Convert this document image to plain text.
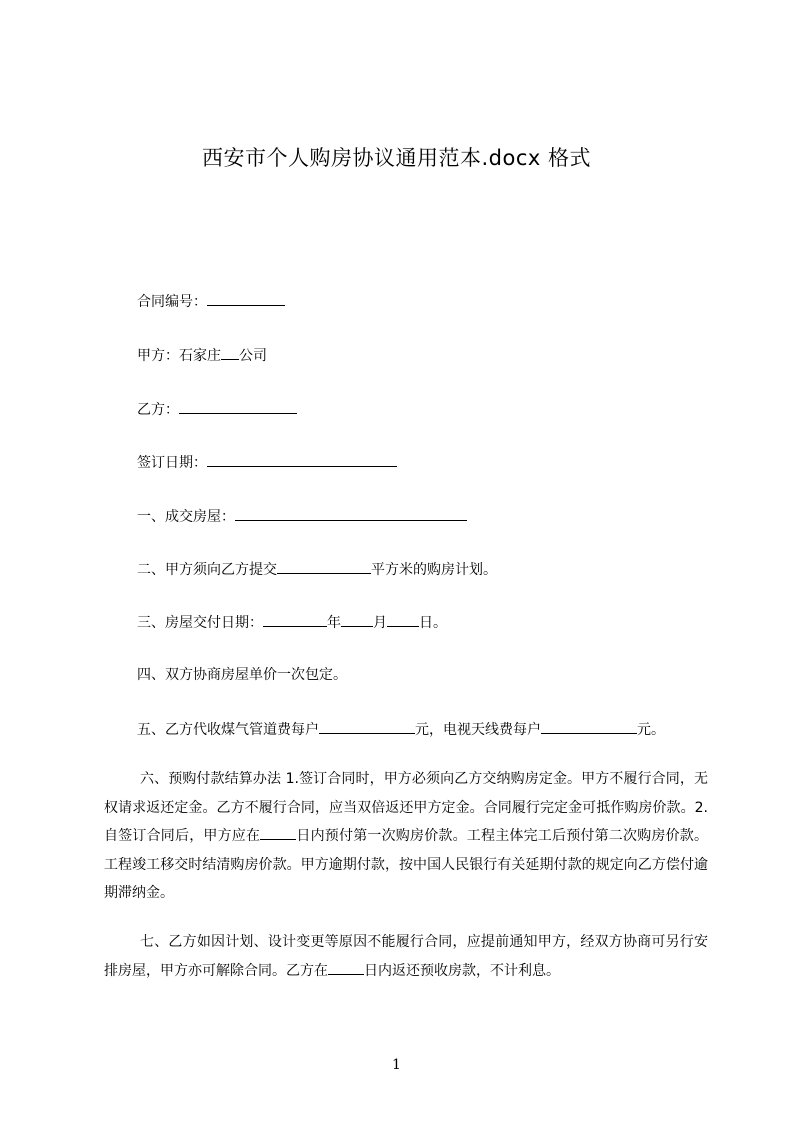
西安市个人购房协议通用范本.docx 格式
合同编号：
甲方：石家庄 公司
乙方：
签订日期：
一、成交房屋：
二、甲方须向乙方提交	平方米的购房计划。
三、房屋交付日期：	年 月 日。
四、双方协商房屋单价一次包定。
五、乙方代收煤气管道费每户	元，电视天线费每户	元。
六、预购付款结算办法 1.签订合同时，甲方必须向乙方交纳购房定金。甲方不履行合同，无权请求返还定金。乙方不履行合同，应当双倍返还甲方定金。合同履行完定金可抵作购房价款。2.自签订合同后，甲方应在	日内预付第一次购房价款。工程主体完工后预付第二次购房价款。工程竣工移交时结清购房价款。甲方逾期付款，按中国人民银行有关延期付款的规定向乙方偿付逾期滞纳金。
七、乙方如因计划、设计变更等原因不能履行合同，应提前通知甲方，经双方协商可另行安排房屋，甲方亦可解除合同。乙方在	日内返还预收房款，不计利息。
1
